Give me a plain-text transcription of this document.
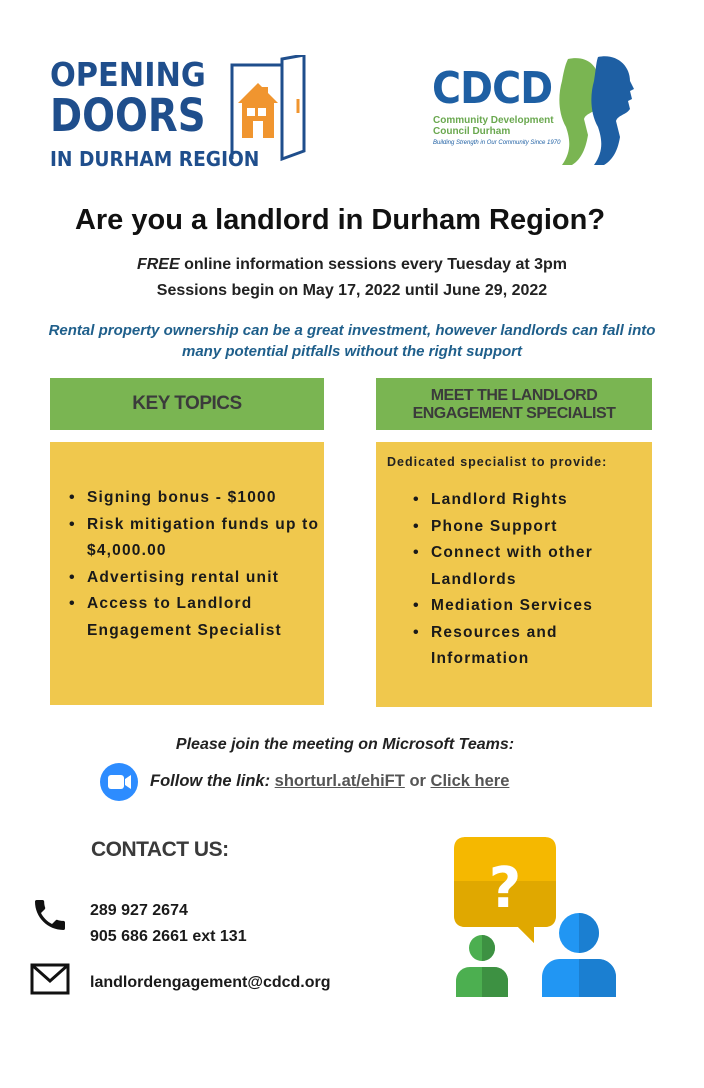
OPENING
DOORS
IN DURHAM REGION
CDCD
Community Development
Council Durham
Building Strength in Our Community Since 1970
Are you a landlord in Durham Region?
FREE online information sessions every Tuesday at 3pm
Sessions begin on May 17, 2022 until June 29, 2022
Rental property ownership can be a great investment, however landlords can fall into many potential pitfalls without the right support
KEY TOPICS
• Signing bonus - $1000
• Risk mitigation funds up to $4,000.00
• Advertising rental unit
• Access to Landlord Engagement Specialist
MEET THE LANDLORD
ENGAGEMENT SPECIALIST
Dedicated specialist to provide:
• Landlord Rights
• Phone Support
• Connect with other Landlords
• Mediation Services
• Resources and Information
Please join the meeting on Microsoft Teams:
Follow the link: shorturl.at/ehiFT or Click here
CONTACT US:
289 927 2674
905 686 2661 ext 131
landlordengagement@cdcd.org
?
